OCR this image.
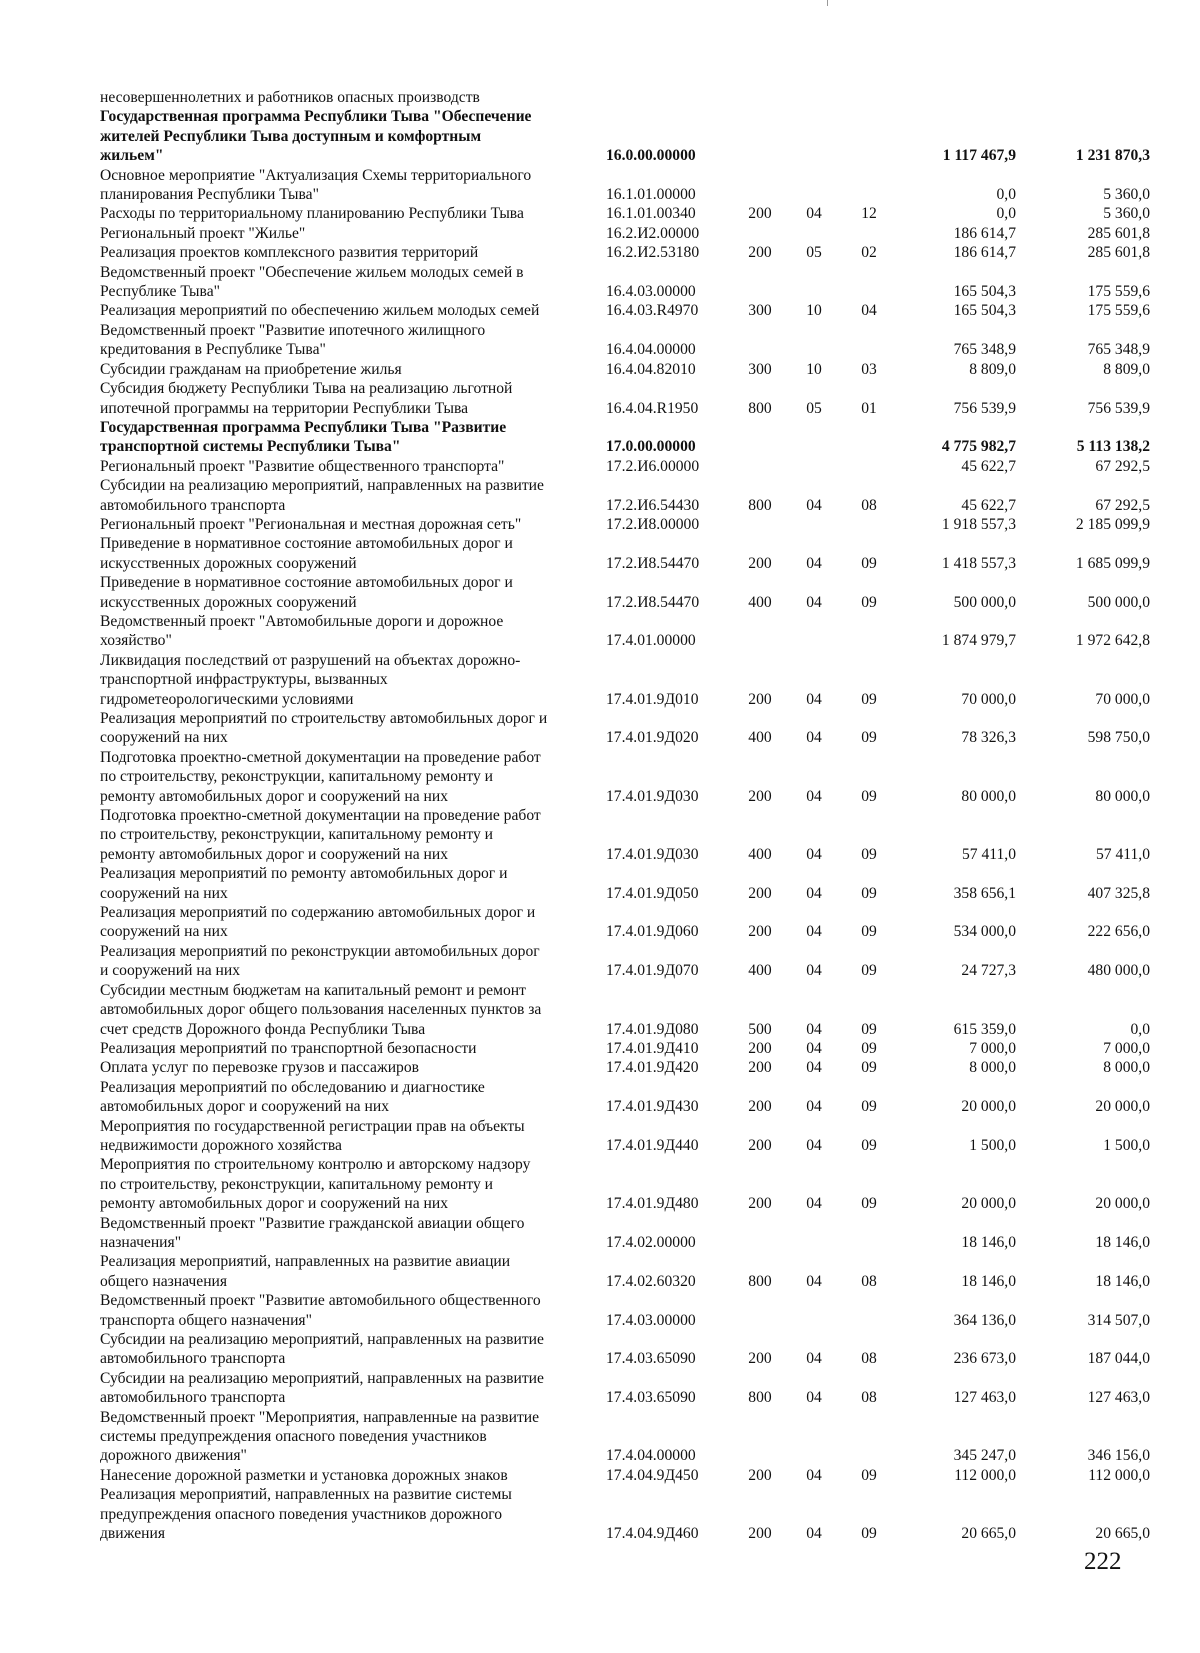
несовершеннолетних и работников опасных производств						

Государственная программа Республики Тыва "Обеспечение
жителей Республики Тыва доступным и комфортным
жильем"	16.0.00.00000				1 117 467,9	1 231 870,3

Основное мероприятие "Актуализация Схемы территориального
планирования Республики Тыва"	16.1.01.00000				0,0	5 360,0

Расходы по территориальному планированию Республики Тыва	16.1.01.00340	200	04	12	0,0	5 360,0

Региональный проект "Жилье"	16.2.И2.00000				186 614,7	285 601,8

Реализация проектов комплексного развития территорий	16.2.И2.53180	200	05	02	186 614,7	285 601,8

Ведомственный проект "Обеспечение жильем молодых семей в
Республике Тыва"	16.4.03.00000				165 504,3	175 559,6

Реализация мероприятий по обеспечению жильем молодых семей	16.4.03.R4970	300	10	04	165 504,3	175 559,6

Ведомственный проект "Развитие ипотечного жилищного
кредитования в Республике Тыва"	16.4.04.00000				765 348,9	765 348,9

Субсидии гражданам на приобретение жилья	16.4.04.82010	300	10	03	8 809,0	8 809,0

Субсидия бюджету Республики Тыва на реализацию льготной
ипотечной программы на территории Республики Тыва	16.4.04.R1950	800	05	01	756 539,9	756 539,9

Государственная программа Республики Тыва "Развитие
транспортной системы Республики Тыва"	17.0.00.00000				4 775 982,7	5 113 138,2

Региональный проект "Развитие общественного транспорта"	17.2.И6.00000				45 622,7	67 292,5

Субсидии на реализацию мероприятий, направленных на развитие
автомобильного транспорта	17.2.И6.54430	800	04	08	45 622,7	67 292,5

Региональный проект "Региональная и местная дорожная сеть"	17.2.И8.00000				1 918 557,3	2 185 099,9

Приведение в нормативное состояние автомобильных дорог и
искусственных дорожных сооружений	17.2.И8.54470	200	04	09	1 418 557,3	1 685 099,9

Приведение в нормативное состояние автомобильных дорог и
искусственных дорожных сооружений	17.2.И8.54470	400	04	09	500 000,0	500 000,0

Ведомственный проект "Автомобильные дороги и дорожное
хозяйство"	17.4.01.00000				1 874 979,7	1 972 642,8

Ликвидация последствий от разрушений на объектах дорожно-
транспортной инфраструктуры, вызванных
гидрометеорологическими условиями	17.4.01.9Д010	200	04	09	70 000,0	70 000,0

Реализация мероприятий по строительству автомобильных дорог и
сооружений на них	17.4.01.9Д020	400	04	09	78 326,3	598 750,0

Подготовка проектно-сметной документации на проведение работ
по строительству, реконструкции, капитальному ремонту и
ремонту автомобильных дорог и сооружений на них	17.4.01.9Д030	200	04	09	80 000,0	80 000,0

Подготовка проектно-сметной документации на проведение работ
по строительству, реконструкции, капитальному ремонту и
ремонту автомобильных дорог и сооружений на них	17.4.01.9Д030	400	04	09	57 411,0	57 411,0

Реализация мероприятий по ремонту автомобильных дорог и
сооружений на них	17.4.01.9Д050	200	04	09	358 656,1	407 325,8

Реализация мероприятий по содержанию автомобильных дорог и
сооружений на них	17.4.01.9Д060	200	04	09	534 000,0	222 656,0

Реализация мероприятий по реконструкции автомобильных дорог
и сооружений на них	17.4.01.9Д070	400	04	09	24 727,3	480 000,0

Субсидии местным бюджетам на капитальный ремонт и ремонт
автомобильных дорог общего пользования населенных пунктов за
счет средств Дорожного фонда Республики Тыва	17.4.01.9Д080	500	04	09	615 359,0	0,0

Реализация мероприятий по транспортной безопасности	17.4.01.9Д410	200	04	09	7 000,0	7 000,0

Оплата услуг по перевозке грузов и пассажиров	17.4.01.9Д420	200	04	09	8 000,0	8 000,0

Реализация мероприятий по обследованию и диагностике
автомобильных дорог и сооружений на них	17.4.01.9Д430	200	04	09	20 000,0	20 000,0

Мероприятия по государственной регистрации прав на объекты
недвижимости дорожного хозяйства	17.4.01.9Д440	200	04	09	1 500,0	1 500,0

Мероприятия по строительному контролю и авторскому надзору
по строительству, реконструкции, капитальному ремонту и
ремонту автомобильных дорог и сооружений на них	17.4.01.9Д480	200	04	09	20 000,0	20 000,0

Ведомственный проект "Развитие гражданской авиации общего
назначения"	17.4.02.00000				18 146,0	18 146,0

Реализация мероприятий, направленных на развитие авиации
общего назначения	17.4.02.60320	800	04	08	18 146,0	18 146,0

Ведомственный проект "Развитие автомобильного общественного
транспорта общего назначения"	17.4.03.00000				364 136,0	314 507,0

Субсидии на реализацию мероприятий, направленных на развитие
автомобильного транспорта	17.4.03.65090	200	04	08	236 673,0	187 044,0

Субсидии на реализацию мероприятий, направленных на развитие
автомобильного транспорта	17.4.03.65090	800	04	08	127 463,0	127 463,0

Ведомственный проект "Мероприятия, направленные на развитие
системы предупреждения опасного поведения участников
дорожного движения"	17.4.04.00000				345 247,0	346 156,0

Нанесение дорожной разметки и установка дорожных знаков	17.4.04.9Д450	200	04	09	112 000,0	112 000,0

Реализация мероприятий, направленных на развитие системы
предупреждения опасного поведения участников дорожного
движения	17.4.04.9Д460	200	04	09	20 665,0	20 665,0
222
